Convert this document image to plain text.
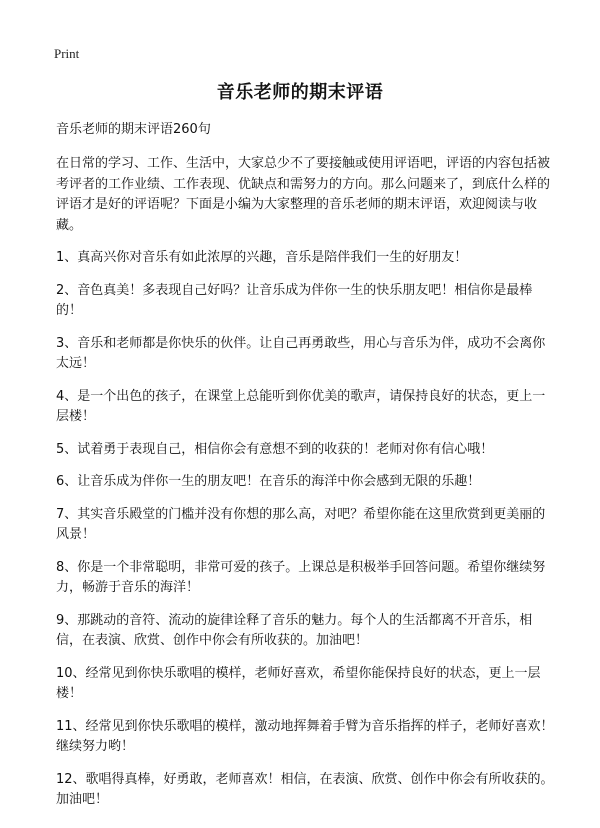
Print
音乐老师的期末评语

音乐老师的期末评语260句

在日常的学习、工作、生活中，大家总少不了要接触或使用评语吧，评语的内容包括被考评者的工作业绩、工作表现、优缺点和需努力的方向。那么问题来了，到底什么样的评语才是好的评语呢？下面是小编为大家整理的音乐老师的期末评语，欢迎阅读与收藏。

1、真高兴你对音乐有如此浓厚的兴趣，音乐是陪伴我们一生的好朋友！

2、音色真美！多表现自己好吗？让音乐成为伴你一生的快乐朋友吧！相信你是最棒的！

3、音乐和老师都是你快乐的伙伴。让自己再勇敢些，用心与音乐为伴，成功不会离你太远！

4、是一个出色的孩子，在课堂上总能听到你优美的歌声，请保持良好的状态，更上一层楼！

5、试着勇于表现自己，相信你会有意想不到的收获的！老师对你有信心哦！

6、让音乐成为伴你一生的朋友吧！在音乐的海洋中你会感到无限的乐趣！

7、其实音乐殿堂的门槛并没有你想的那么高，对吧？希望你能在这里欣赏到更美丽的风景！

8、你是一个非常聪明，非常可爱的孩子。上课总是积极举手回答问题。希望你继续努力，畅游于音乐的海洋！

9、那跳动的音符、流动的旋律诠释了音乐的魅力。每个人的生活都离不开音乐，相信，在表演、欣赏、创作中你会有所收获的。加油吧！

10、经常见到你快乐歌唱的模样，老师好喜欢，希望你能保持良好的状态，更上一层楼！

11、经常见到你快乐歌唱的模样，激动地挥舞着手臂为音乐指挥的样子，老师好喜欢！继续努力哟！

12、歌唱得真棒，好勇敢，老师喜欢！相信，在表演、欣赏、创作中你会有所收获的。加油吧！
